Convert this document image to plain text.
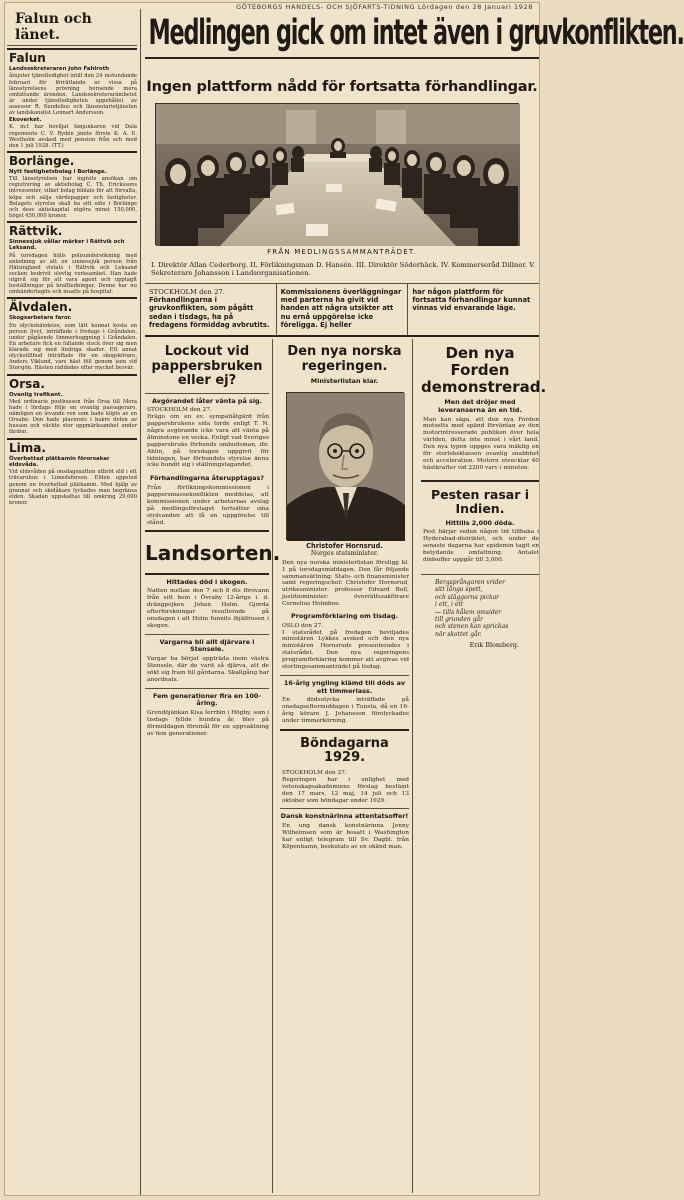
GÖTEBORGS HANDELS- OCH SJÖFARTS-TIDNING Lördagen den 28 Januari 1928
Falun och länet.
Falun
Landssekreteraren John Fahlroth
åtnjuter tjänstledighet intill den 24 instundande februari för förrättande av vissa på länsstyrelsens prövning beroende mera omfattande ärenden. Landssekreterarämbetet är under tjänstledigheten uppehållet av assessor R. Sundelius och länsnotarietjänsten av landskanslist Lennart Andersson.
Ekoverket.
K. m:t har beviljat fanjunkaren vid Dala regemente C. V. Rydén jämte förste K. A. E. Westholm avsked med pension från och med den 1 juli 1928. (TT.)
Borlänge.
Nytt fastighetsbolag i Borlänge.
Till länsstyrelsen har ingivits ansökan om registrering av aktiebolag C. Th. Erickssons intressenter, vilket bolag bildats för att förvalta, köpa och sälja värdepapper och fastigheter. Bolagets styrelse skall ha sitt säte i Borlänge och dess aktiekapital utgöra minst 150,000, högst 450,000 kronor.
Rättvik.
Sinnessjuk vållar märker i Rättvik och Leksand.
På torsdagen hölls polisundersökning med anledning av att en sinnessjuk person från Hälsingland vistats i Rättvik och Leksand socken bedrivit olovlig verksamhet. Han hade utgivit sig för att vara agent och upptagit beställningar på kraftledningar. Denne har nu omhändertagits och insatts på hospital.
Älvdalen.
Skogsarbetare faror.
En olyckshändelse, som lätt kunnat kosta en person livet, inträffade i fredags i Gråndalen, under pågående timmerhuggning i Gråndalen. En arbetare fick en fallande stock över sig men klarade sig med lindriga skador. Ett annat olyckstillbud inträffade för en skogskörare, Anders Viklund, vars häst föll genom isen vid Storsjön. Hästen räddades efter mycket besvär.
Orsa.
Ovanlig trafikant.
Med ordinarie postbussen från Orsa till Mora hade i lördags följe en ovanlig passagerare, nämligen en levande ren som hade köpts av en Orsabo. Den hade placerats i bakre delen av bussen och väckte stor uppmärksamhet under färden.
Lima.
Överbettad plätkamin förorsakar eldsvåda.
Vid eldsvåden på onsdagsnatten utbröt eld i ett trävaruhus i Limedsforsen. Elden uppstod genom en överhettad plätkamin. Med hjälp av grannar och skidåkare lyckades man begränsa elden. Skadan uppskattas till omkring 29,000 kronor.
Medlingen gick om intet även i gruvkonflikten.
Ingen plattform nådd för fortsatta förhandlingar.
FRÅN MEDLINGSSAMMANTRÄDET.
I. Direktör Allan Cederborg. II. Förlikningsman D. Hansén. III. Direktör Söderhäck. IV. Kommerseråd Dillner. V. Sekreterare Johansson i Landsorganisationen.
STOCKHOLM den 27.
Förhandlingarna i gruvkonflikten, som pågått sedan i tisdags, ha på fredagens förmiddag avbrutits.
Kommissionens överläggningar med parterna ha givit vid handen att några utsikter att nu ernå uppgörelse icke föreligga. Ej heller
har någon plattform för fortsatta förhandlingar kunnat vinnas vid envarande läge.
Lockout vid pappersbruken eller ej?
Avgörandet låter vänta på sig.
STOCKHOLM den 27.
Iträgo om en ev. sympatiåtgärd från pappersbrukens sida torde enligt T. N. några avgörande icke vara att vänta på åtminstone en vecka. Enligt vad Sveriges pappersbruks förbunds ombudsman, dir. Ahlin, på torsdagen uppgivit för tidningen, har förbundets styrelse ännu icke bundit sig i ställningstagandet.
Förhandlingarna återupptagas?
Från förlikningskommissionen i pappersmassekonflikten meddelas, att kommissionen under arbetarnas avslag på medlingsförslaget fortsätter sina strävanden att få en uppgörelse till stånd.
Landsorten.
Hittades död i skogen.
Natten mellan den 7 och 8 dis försvann från sitt hem i Övraby 12-årige i. d. drängpojken Johan Holm. Gjorda efterforskningar resulterade på onsdagen i att Holm funnits ihjälfrusen i skogen.
Vargarna bli allt djärvare i Stensele.
Vargar ha börjat uppträda inom västra Stensele, där de varit så djärva, att de sökt sig fram till gårdarna. Skallgång har anordnats.
Fem generationer fira en 100-åring.
Grendöjänkan Kisa Ierrbin i Högby, som i tisdags fyllde hundra år, blev på förmiddagen föremål för en uppvaktning av fem generationer.
Den nya norska regeringen.
Ministerlistan klar.
Christofer Hornsrud.
Norges statsminister.
Den nya norska ministerlistan föreligg kl. 1 på torsdagsmiddagen. Den får följande sammansättning: Stats- och finansminister samt regeringschef: Christofer Hornsrud, utrikesminister: professor Edvard Bull, justitieminister: överrättssakförare Cornelius Holmboe.
Programförklaring om tisdag.
OSLO den 27.
I statsrådet på fredagen beviljades ministären Lykkes avsked och den nya ministären Hornsruds presenterades i statsrådet. Den nya regeringens programförklaring kommer att avgivas vid stortingssammanträdet på tisdag.
16-årig yngling klämd till döds av ett timmerlass.
En dödsolycka inträffade på onsdagseftermiddagen i Tunsta, då en 16-årig körare J. Johansson förolyckades under timmerkörning.
Böndagarna 1929.
STOCKHOLM den 27.
Regeringen har i enlighet med vetenskapsakademiens förslag bestämt den 17 mars, 12 maj, 14 juli och 13 oktober som böndagar under 1929.
Dansk konstnärinna attentatsoffer!
En ung dansk konstnärinna Jenny Wilhelmsen som är bosatt i Washington har enligt telegram till Sv. Dagbl. från Köpenhamn, beskutats av en okänd man.
Den nya Forden demonstrerad.
Men det dröjer med leveranserna än en tid.
Man kan säga, att den nya Forden motsetts med spänd förväntan av den motorintresserade publiken över hela världen, detta inte minst i vårt land. Den nya typen uppges vara mäktig en för storleksklassen ovanlig snabbhet och acceleration. Motorn utvecklar 40 hästkrafter vid 2200 varv i minuten.
Pesten rasar i Indien.
Hittills 2,000 döda.
Pest härjar sedan någon tid tillbaka i Hyderabad-distriktet, och under de senaste dagarna har epidemin tagit en betydande omfattning. Antalet dödsoffer uppgår till 3,000.
Bergsprångaren vrider
sitt långa spett,
och släggorna pickar
i ett, i ett
— tills håleт omsider
till grunden går
och stenen kan sprickas
när skottet går.
Erik Blomberg.
